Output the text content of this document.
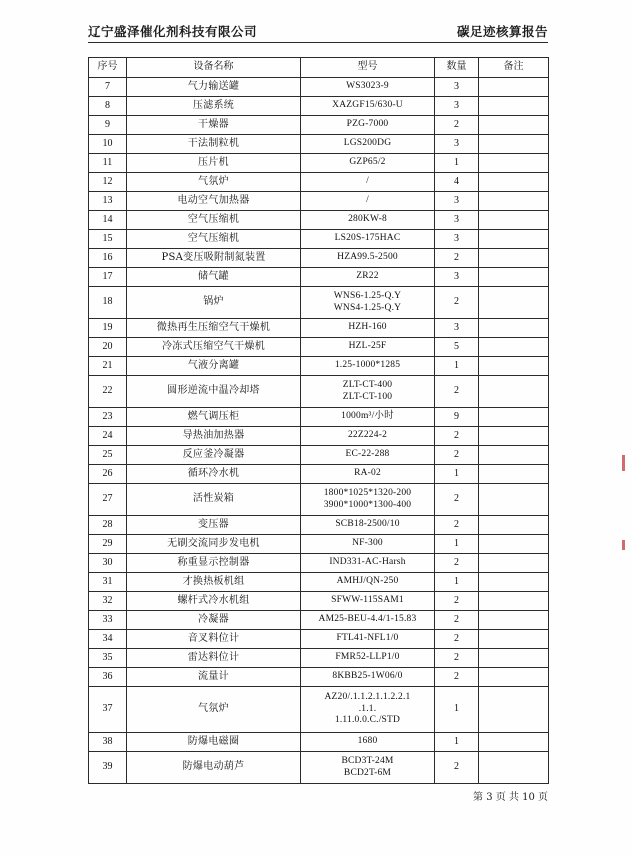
辽宁盛泽催化剂科技有限公司	碳足迹核算报告
序号	设备名称	型号	数量	备注
7	气力输送罐	WS3023-9	3	
8	压滤系统	XAZGF15/630-U	3	
9	干燥器	PZG-7000	2	
10	干法制粒机	LGS200DG	3	
11	压片机	GZP65/2	1	
12	气氛炉	/	4	
13	电动空气加热器	/	3	
14	空气压缩机	280KW-8	3	
15	空气压缩机	LS20S-175HAC	3	
16	PSA变压吸附制氮装置	HZA99.5-2500	2	
17	储气罐	ZR22	3	
18	锅炉	WNS6-1.25-Q.Y
WNS4-1.25-Q.Y	2	
19	微热再生压缩空气干燥机	HZH-160	3	
20	冷冻式压缩空气干燥机	HZL-25F	5	
21	气液分离罐	1.25-1000*1285	1	
22	圆形逆流中温冷却塔	ZLT-CT-400
ZLT-CT-100	2	
23	燃气调压柜	1000m³/小时	9	
24	导热油加热器	22Z224-2	2	
25	反应釜冷凝器	EC-22-288	2	
26	循环冷水机	RA-02	1	
27	活性炭箱	1800*1025*1320-200
3900*1000*1300-400	2	
28	变压器	SCB18-2500/10	2	
29	无刷交流同步发电机	NF-300	1	
30	称重显示控制器	IND331-AC-Harsh	2	
31	才换热板机组	AMHJ/QN-250	1	
32	螺杆式冷水机组	SFWW-115SAM1	2	
33	冷凝器	AM25-BEU-4.4/1-15.83	2	
34	音叉料位计	FTL41-NFL1/0	2	
35	雷达料位计	FMR52-LLP1/0	2	
36	流量计	8KBB25-1W06/0	2	
37	气氛炉	AZ20/.1.1.2.1.1.2.2.1
.1.1.
1.11.0.0.C./STD	1	
38	防爆电磁圈	1680	1	
39	防爆电动葫芦	BCD3T-24M
BCD2T-6M	2	
第 3 页 共 10 页
